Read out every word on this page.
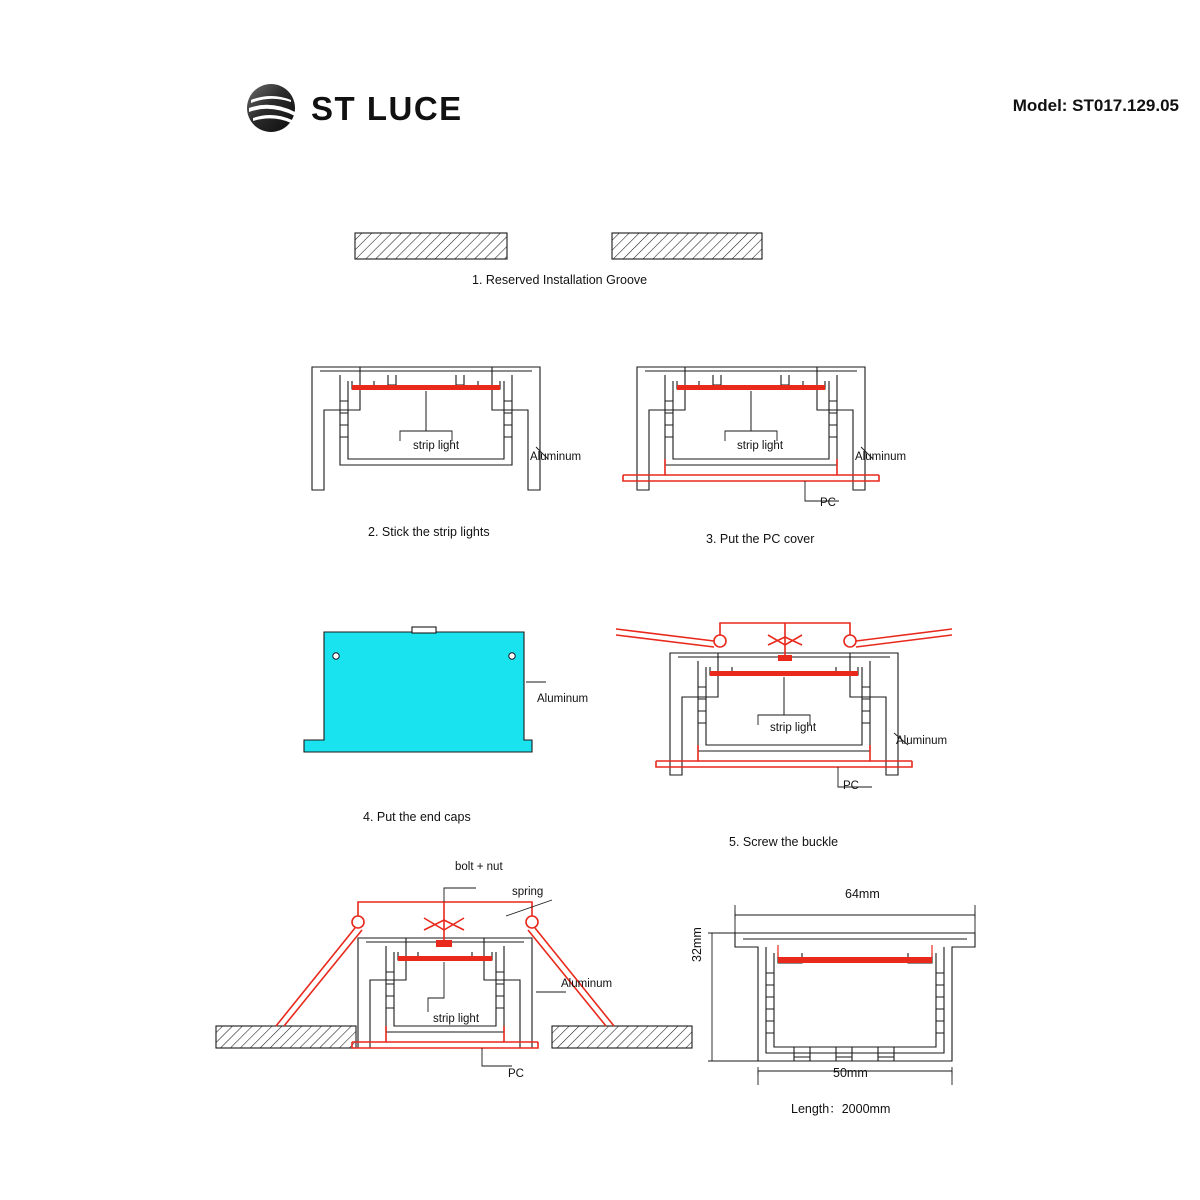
ST LUCE	Model: ST017.129.05
1. Reserved Installation Groove
strip light
Aluminum
2. Stick the strip lights
strip light
Aluminum
PC
3. Put the PC cover
Aluminum
4. Put the end caps
strip light
Aluminum
PC
5. Screw the buckle
bolt + nut
spring
strip light
Aluminum
PC
64mm
50mm
32mm
Length：2000mm
